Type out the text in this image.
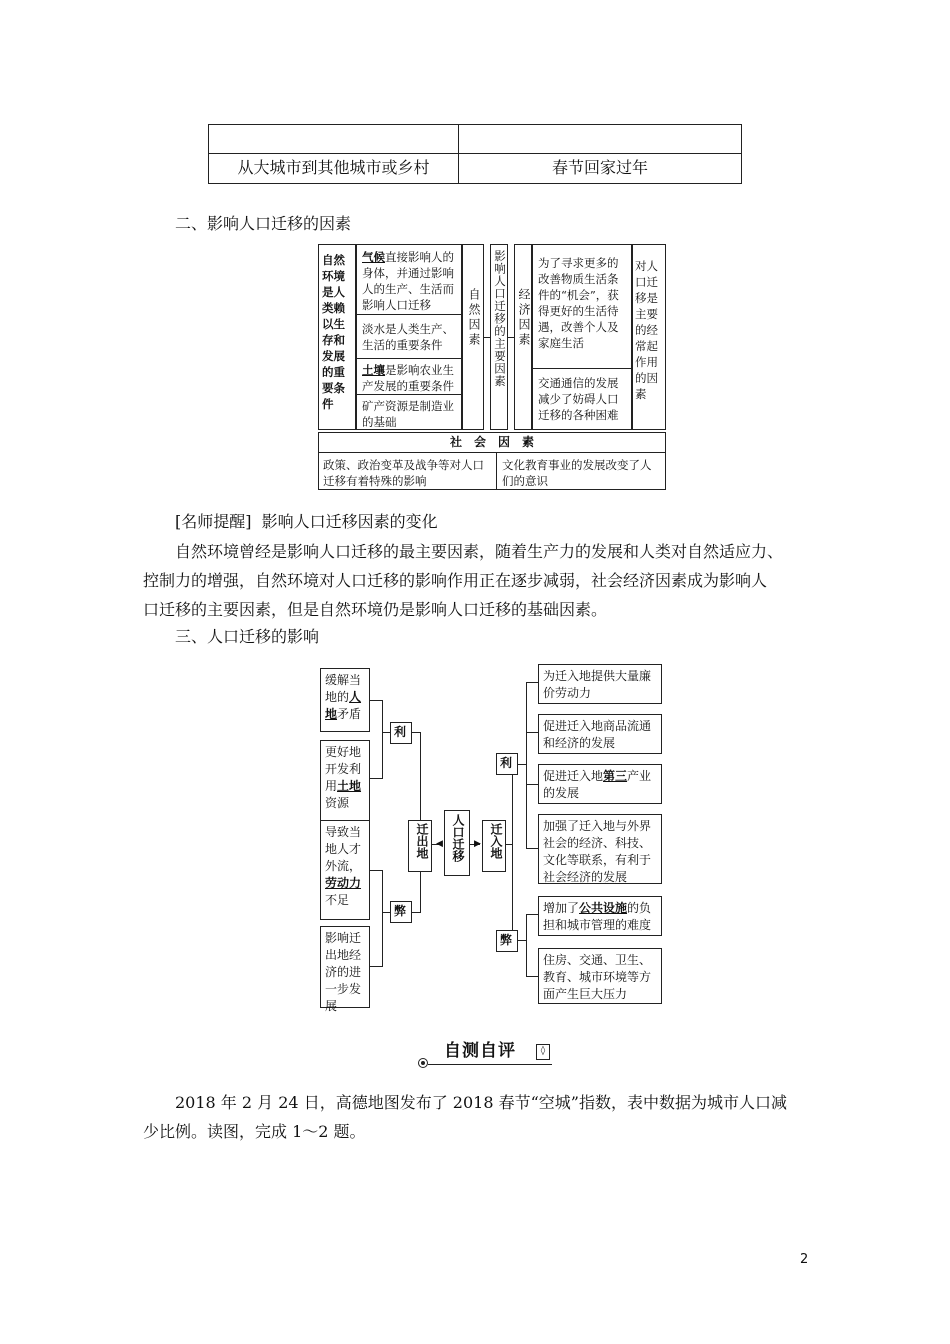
从大城市到其他城市或乡村	春节回家过年
二、影响人口迁移的因素
自然环境是人类赖以生存和发展的重要条件
气候直接影响人的身体，并通过影响人的生产、生活而影响人口迁移
淡水是人类生产、生活的重要条件
土壤是影响农业生产发展的重要条件
矿产资源是制造业的基础
自然因素 影响人口迁移的主要因素 经济因素
为了寻求更多的改善物质生活条件的“机会”，获得更好的生活待遇，改善个人及家庭生活
交通通信的发展减少了妨碍人口迁移的各种困难
对人口迁移是主要的经常起作用的因素
社　会　因　素
政策、政治变革及战争等对人口迁移有着特殊的影响
文化教育事业的发展改变了人们的意识
[名师提醒] 影响人口迁移因素的变化
自然环境曾经是影响人口迁移的最主要因素，随着生产力的发展和人类对自然适应力、
控制力的增强，自然环境对人口迁移的影响作用正在逐步减弱，社会经济因素成为影响人
口迁移的主要因素，但是自然环境仍是影响人口迁移的基础因素。
三、人口迁移的影响
缓解当
地的人
地矛盾
更好地
开发利
用土地
资源
导致当
地人才
外流，
劳动力
不足
影响迁
出地经
济的进
一步发
展
利
弊
迁出地 ◀ 人口迁移	▶ 迁入地
利
弊
为迁入地提供大量廉价劳动力
促进迁入地商品流通和经济的发展
促进迁入地第三产业的发展
加强了迁入地与外界社会的经济、科技、文化等联系，有利于社会经济的发展
增加了公共设施的负担和城市管理的难度
住房、交通、卫生、教育、城市环境等方面产生巨大压力
自测自评	◊
2018 年 2 月 24 日，高德地图发布了 2018 春节“空城”指数，表中数据为城市人口减
少比例。读图，完成 1～2 题。
2
